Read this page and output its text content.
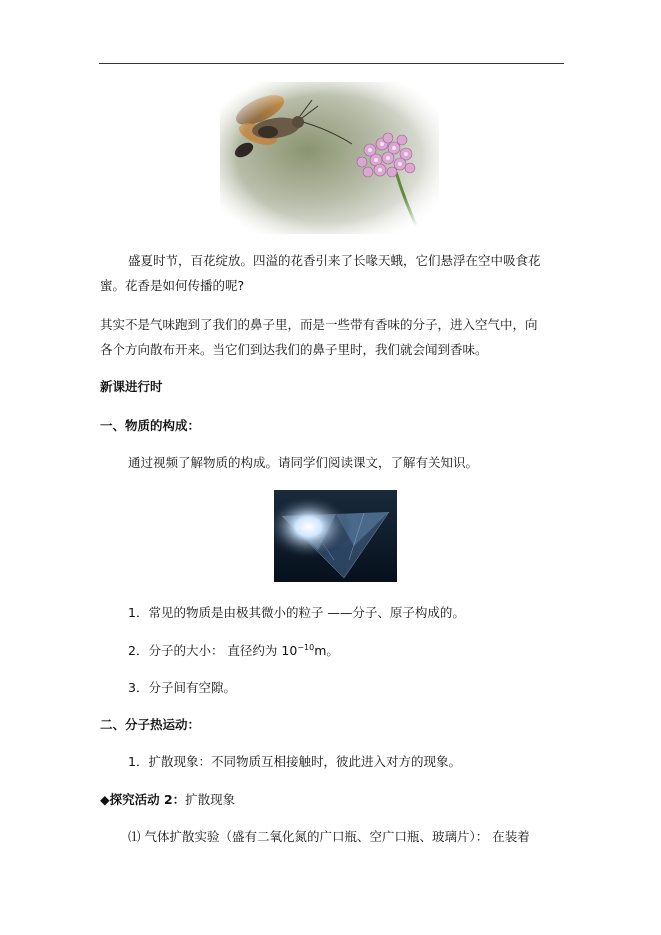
盛夏时节，百花绽放。四溢的花香引来了长喙天蛾，它们悬浮在空中吸食花
蜜。花香是如何传播的呢?
其实不是气味跑到了我们的鼻子里，而是一些带有香味的分子，进入空气中，向
各个方向散布开来。当它们到达我们的鼻子里时，我们就会闻到香味。
新课进行时
一、物质的构成：
通过视频了解物质的构成。请同学们阅读课文，了解有关知识。
1．常见的物质是由极其微小的粒子 ——分子、原子构成的。
2．分子的大小： 直径约为 $10^{-10}m$。
3．分子间有空隙。
二、分子热运动：
1．扩散现象：不同物质互相接触时，彼此进入对方的现象。
◆探究活动 2：扩散现象
⑴ 气体扩散实验（盛有二氧化氮的广口瓶、空广口瓶、玻璃片）： 在装着
